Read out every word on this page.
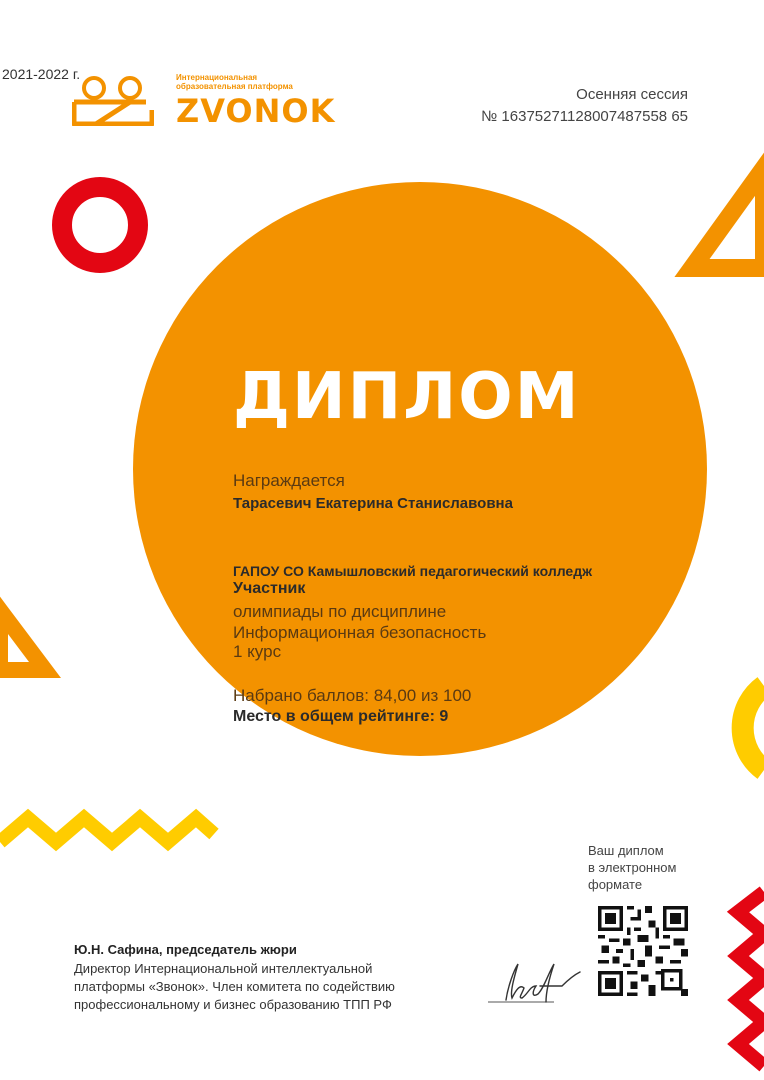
2021-2022 г.	Интернациональная образовательная платформа
ZVONOK	Осенняя сессия
№ 16375271128007487558 65
ДИПЛОМ
Награждается
Тарасевич Екатерина Станиславовна
ГАПОУ СО Камышловский педагогический колледж
Участник
олимпиады по дисциплине
Информационная безопасность
1 курс
Набрано баллов: 84,00 из 100
Место в общем рейтинге: 9
Ваш диплом
в электронном
формате
Ю.Н. Сафина, председатель жюри
Директор Интернациональной интеллектуальной
платформы «Звонок». Член комитета по содействию
профессиональному и бизнес образованию ТПП РФ
